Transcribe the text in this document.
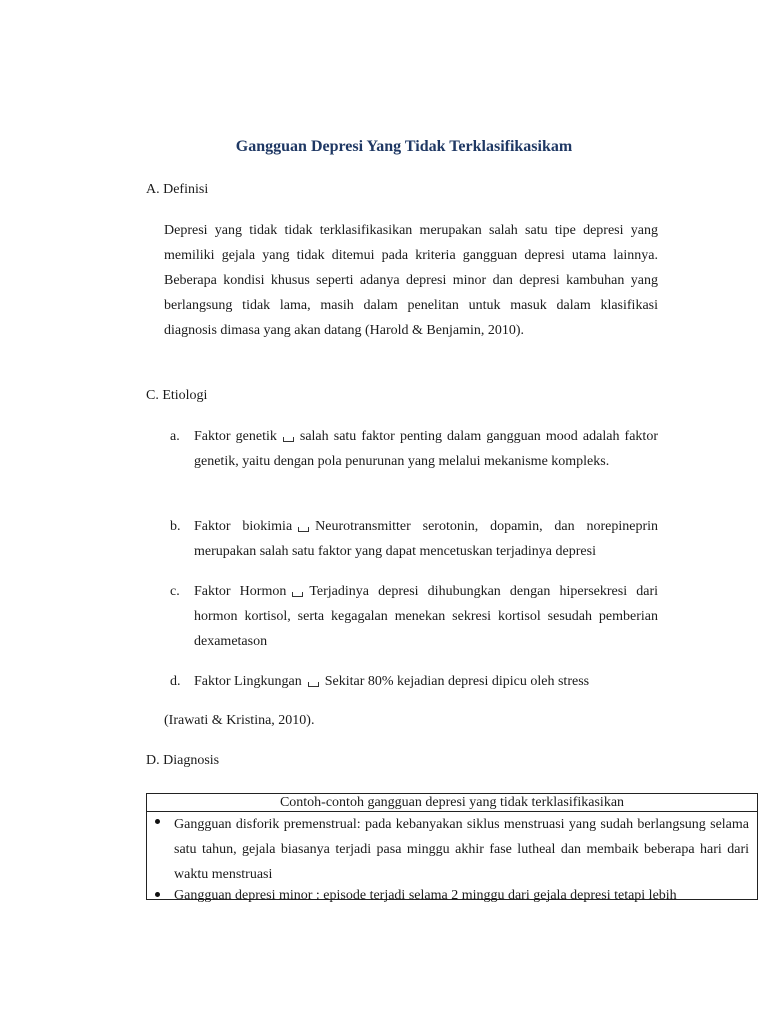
Gangguan Depresi Yang Tidak Terklasifikasikam
A. Definisi
Depresi yang tidak tidak terklasifikasikan merupakan salah satu tipe depresi yang memiliki gejala yang tidak ditemui pada kriteria gangguan depresi utama lainnya. Beberapa kondisi khusus seperti adanya depresi minor dan depresi kambuhan yang berlangsung tidak lama, masih dalam penelitan untuk masuk dalam klasifikasi diagnosis dimasa yang akan datang (Harold & Benjamin, 2010).
C. Etiologi
a. Faktor genetik salah satu faktor penting dalam gangguan mood adalah faktor genetik, yaitu dengan pola penurunan yang melalui mekanisme kompleks.
b. Faktor biokimia Neurotransmitter serotonin, dopamin, dan norepineprin merupakan salah satu faktor yang dapat mencetuskan terjadinya depresi
c. Faktor Hormon Terjadinya depresi dihubungkan dengan hipersekresi dari hormon kortisol, serta kegagalan menekan sekresi kortisol sesudah pemberian dexametason
d. Faktor Lingkungan Sekitar 80% kejadian depresi dipicu oleh stress
(Irawati & Kristina, 2010).
D. Diagnosis
Contoh-contoh gangguan depresi yang tidak terklasifikasikan
Gangguan disforik premenstrual: pada kebanyakan siklus menstruasi yang sudah berlangsung selama satu tahun, gejala biasanya terjadi pasa minggu akhir fase lutheal dan membaik beberapa hari dari waktu menstruasi
Gangguan depresi minor : episode terjadi selama 2 minggu dari gejala depresi tetapi lebih
